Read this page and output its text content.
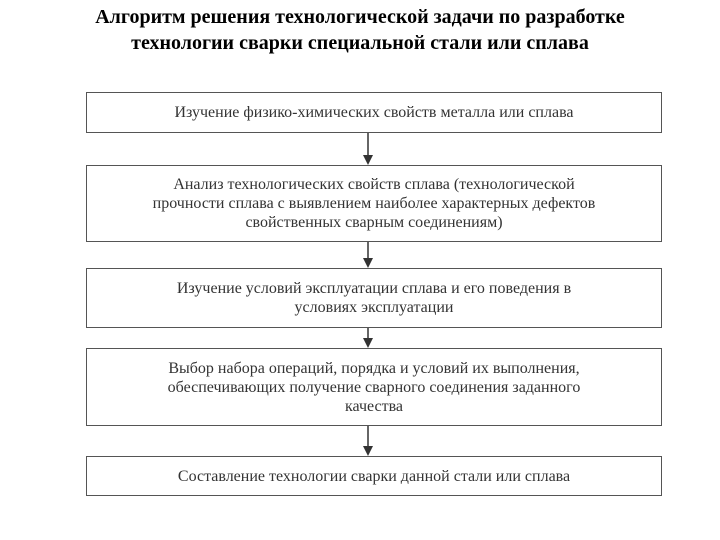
Алгоритм решения технологической задачи по разработке
технологии сварки специальной стали или сплава
Изучение физико-химических свойств металла или сплава
Анализ технологических свойств сплава (технологической
прочности сплава с выявлением наиболее характерных дефектов
свойственных сварным соединениям)
Изучение условий эксплуатации сплава и его поведения в
условиях эксплуатации
Выбор набора операций, порядка и условий их выполнения,
обеспечивающих получение сварного соединения заданного
качества
Составление технологии сварки данной стали или сплава
